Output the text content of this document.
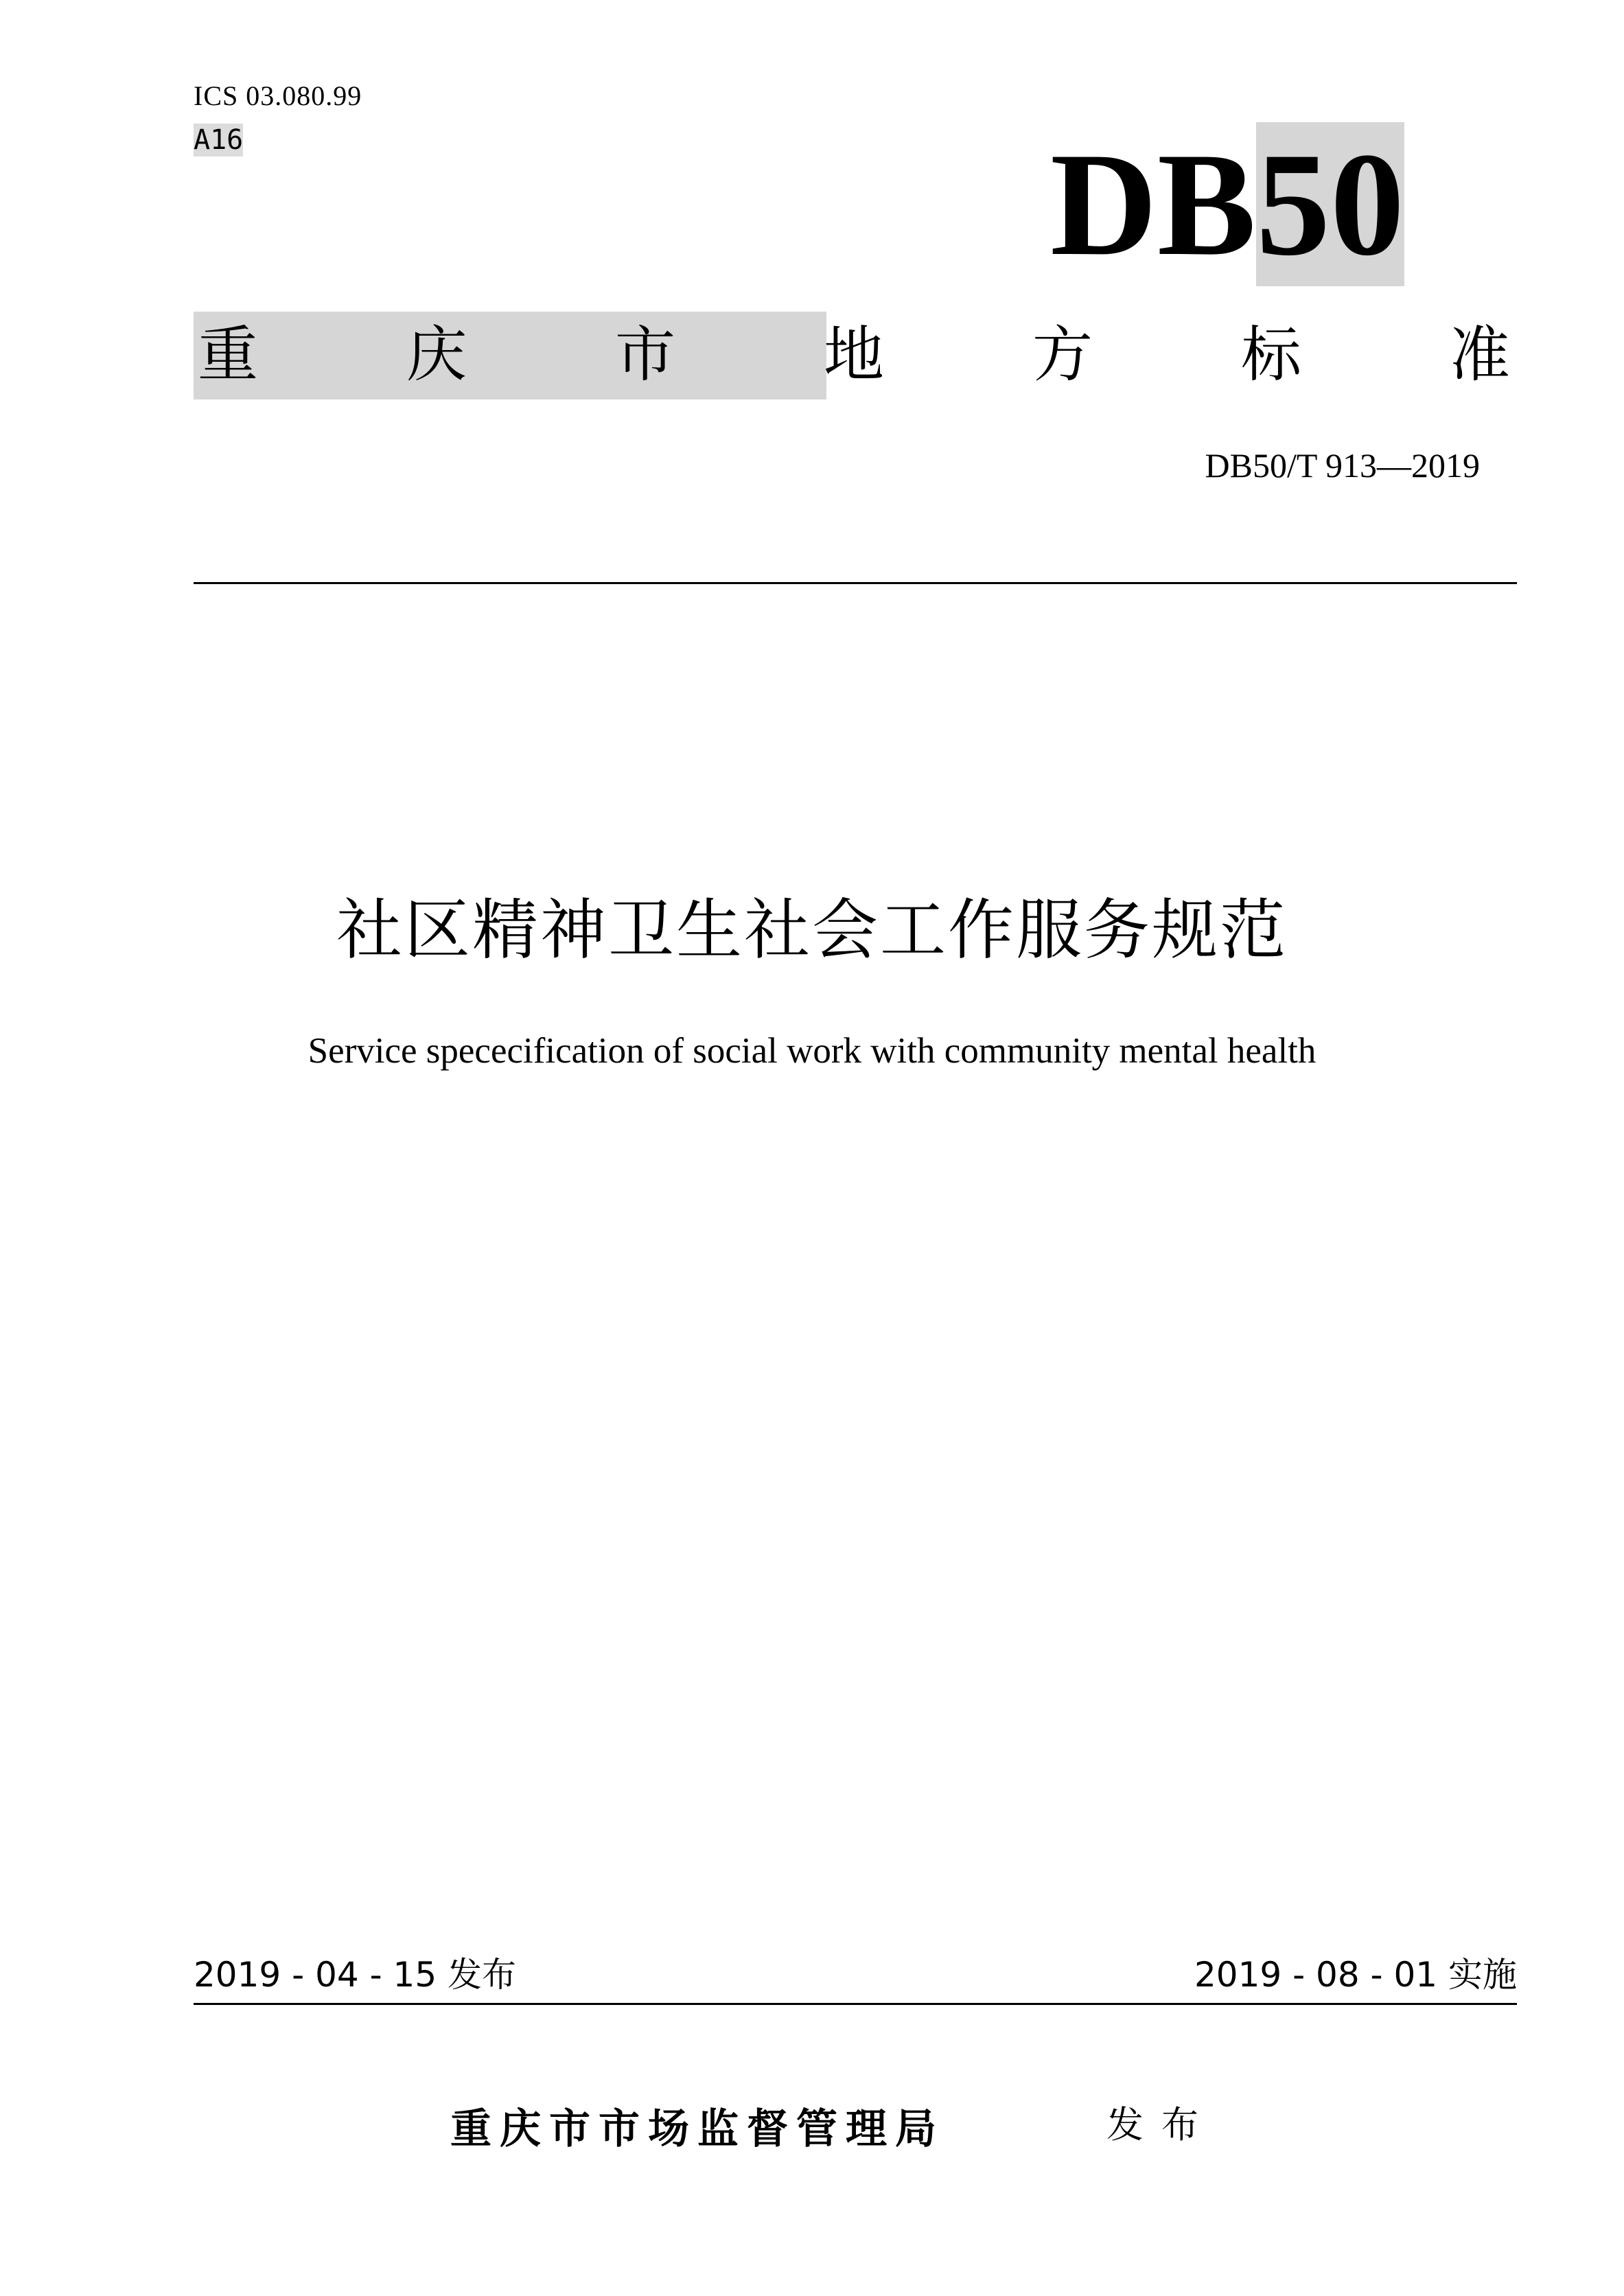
ICS 03.080.99
A16	DB50
重 庆 市 地 方 标 准
DB50/T 913—2019
社区精神卫生社会工作服务规范
Service spececification of social work with community mental health
2019 - 04 - 15 发布	2019 - 08 - 01 实施
重庆市市场监督管理局	发布
